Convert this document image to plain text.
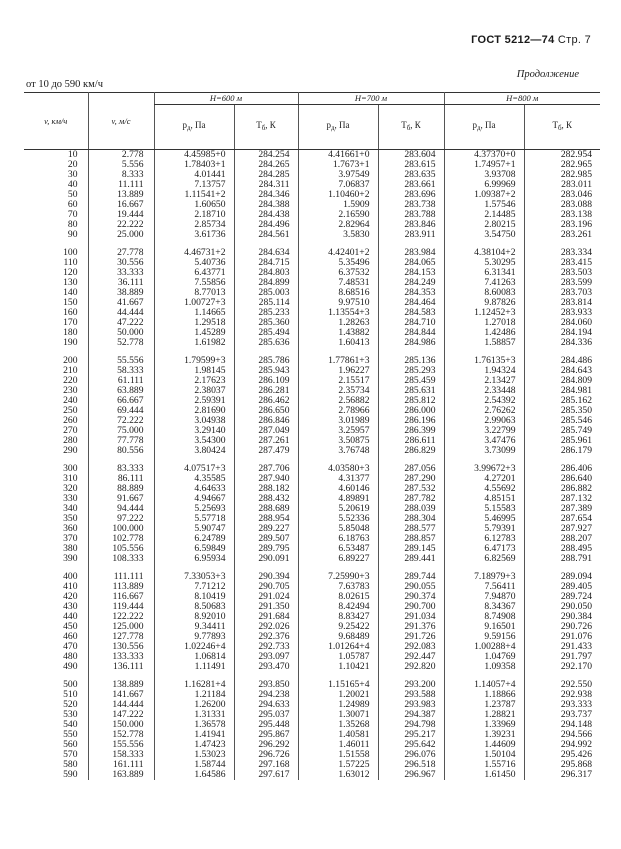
ГОСТ 5212—74 Стр. 7
Продолжение
от 10 до 590 км/ч
v, км/ч	v, м/с	H=600 м		H=700 м		H=800 м	
		$p_д$, Па	$T_б$, К	$p_д$, Па	$T_б$, К	$p_д$, Па	$T_б$, К
10	2.778	4.45985+0	284.254	4.41661+0	283.604	4.37370+0	282.954
20	5.556	1.78403+1	284.265	1.7673+1	283.615	1.74957+1	282.965
30	8.333	4.01441	284.285	3.97549	283.635	3.93708	282.985
40	11.111	7.13757	284.311	7.06837	283.661	6.99969	283.011
50	13.889	1.11541+2	284.346	1.10460+2	283.696	1.09387+2	283.046
60	16.667	1.60650	284.388	1.5909	283.738	1.57546	283.088
70	19.444	2.18710	284.438	2.16590	283.788	2.14485	283.138
80	22.222	2.85734	284.496	2.82964	283.846	2.80215	283.196
90	25.000	3.61736	284.561	3.5830	283.911	3.54750	283.261

100	27.778	4.46731+2	284.634	4.42401+2	283.984	4.38104+2	283.334
110	30.556	5.40736	284.715	5.35496	284.065	5.30295	283.415
120	33.333	6.43771	284.803	6.37532	284.153	6.31341	283.503
130	36.111	7.55856	284.899	7.48531	284.249	7.41263	283.599
140	38.889	8.77013	285.003	8.68516	284.353	8.60083	283.703
150	41.667	1.00727+3	285.114	9.97510	284.464	9.87826	283.814
160	44.444	1.14665	285.233	1.13554+3	284.583	1.12452+3	283.933
170	47.222	1.29518	285.360	1.28263	284.710	1.27018	284.060
180	50.000	1.45289	285.494	1.43882	284.844	1.42486	284.194
190	52.778	1.61982	285.636	1.60413	284.986	1.58857	284.336

200	55.556	1.79599+3	285.786	1.77861+3	285.136	1.76135+3	284.486
210	58.333	1.98145	285.943	1.96227	285.293	1.94324	284.643
220	61.111	2.17623	286.109	2.15517	285.459	2.13427	284.809
230	63.889	2.38037	286.281	2.35734	285.631	2.33448	284.981
240	66.667	2.59391	286.462	2.56882	285.812	2.54392	285.162
250	69.444	2.81690	286.650	2.78966	286.000	2.76262	285.350
260	72.222	3.04938	286.846	3.01989	286.196	2.99063	285.546
270	75.000	3.29140	287.049	3.25957	286.399	3.22799	285.749
280	77.778	3.54300	287.261	3.50875	286.611	3.47476	285.961
290	80.556	3.80424	287.479	3.76748	286.829	3.73099	286.179

300	83.333	4.07517+3	287.706	4.03580+3	287.056	3.99672+3	286.406
310	86.111	4.35585	287.940	4.31377	287.290	4.27201	286.640
320	88.889	4.64633	288.182	4.60146	287.532	4.55692	286.882
330	91.667	4.94667	288.432	4.89891	287.782	4.85151	287.132
340	94.444	5.25693	288.689	5.20619	288.039	5.15583	287.389
350	97.222	5.57718	288.954	5.52336	288.304	5.46995	287.654
360	100.000	5.90747	289.227	5.85048	288.577	5.79391	287.927
370	102.778	6.24789	289.507	6.18763	288.857	6.12783	288.207
380	105.556	6.59849	289.795	6.53487	289.145	6.47173	288.495
390	108.333	6.95934	290.091	6.89227	289.441	6.82569	288.791

400	111.111	7.33053+3	290.394	7.25990+3	289.744	7.18979+3	289.094
410	113.889	7.71212	290.705	7.63783	290.055	7.56411	289.405
420	116.667	8.10419	291.024	8.02615	290.374	7.94870	289.724
430	119.444	8.50683	291.350	8.42494	290.700	8.34367	290.050
440	122.222	8.92010	291.684	8.83427	291.034	8.74908	290.384
450	125.000	9.34411	292.026	9.25422	291.376	9.16501	290.726
460	127.778	9.77893	292.376	9.68489	291.726	9.59156	291.076
470	130.556	1.02246+4	292.733	1.01264+4	292.083	1.00288+4	291.433
480	133.333	1.06814	293.097	1.05787	292.447	1.04769	291.797
490	136.111	1.11491	293.470	1.10421	292.820	1.09358	292.170

500	138.889	1.16281+4	293.850	1.15165+4	293.200	1.14057+4	292.550
510	141.667	1.21184	294.238	1.20021	293.588	1.18866	292.938
520	144.444	1.26200	294.633	1.24989	293.983	1.23787	293.333
530	147.222	1.31331	295.037	1.30071	294.387	1.28821	293.737
540	150.000	1.36578	295.448	1.35268	294.798	1.33969	294.148
550	152.778	1.41941	295.867	1.40581	295.217	1.39231	294.566
560	155.556	1.47423	296.292	1.46011	295.642	1.44609	294.992
570	158.333	1.53023	296.726	1.51558	296.076	1.50104	295.426
580	161.111	1.58744	297.168	1.57225	296.518	1.55716	295.868
590	163.889	1.64586	297.617	1.63012	296.967	1.61450	296.317
